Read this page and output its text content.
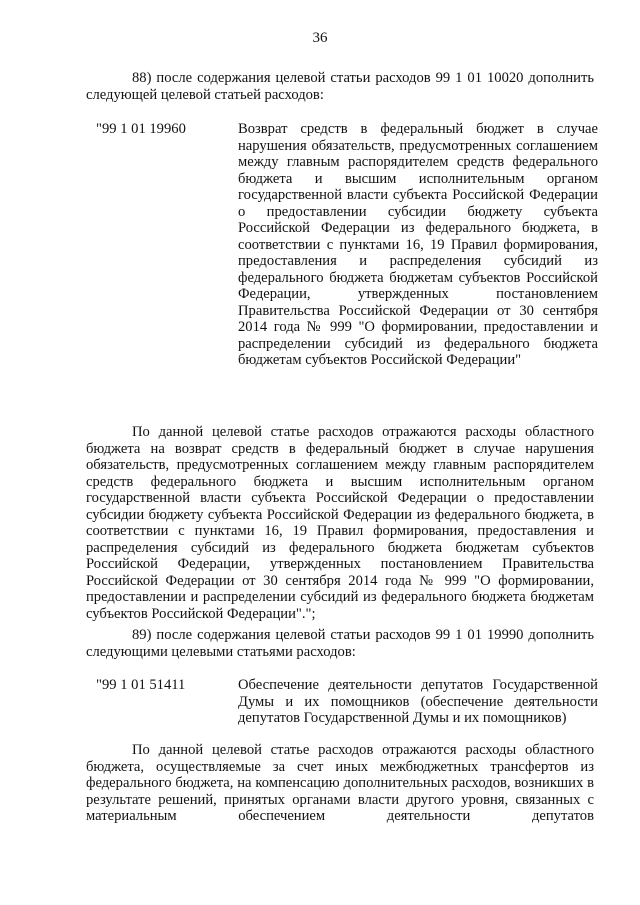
36
88) после содержания целевой статьи расходов 99 1 01 10020 дополнить следующей целевой статьей расходов:
"99 1 01 19960	Возврат средств в федеральный бюджет в случае нарушения обязательств, предусмотренных соглашением между главным распорядителем средств федерального бюджета и высшим исполнительным органом государственной власти субъекта Российской Федерации о предоставлении субсидии бюджету субъекта Российской Федерации из федерального бюджета, в соответствии с пунктами 16, 19 Правил формирования, предоставления и распределения субсидий из федерального бюджета бюджетам субъектов Российской Федерации, утвержденных постановлением Правительства Российской Федерации от 30 сентября 2014 года № 999 "О формировании, предоставлении и распределении субсидий из федерального бюджета бюджетам субъектов Российской Федерации"
По данной целевой статье расходов отражаются расходы областного бюджета на возврат средств в федеральный бюджет в случае нарушения обязательств, предусмотренных соглашением между главным распорядителем средств федерального бюджета и высшим исполнительным органом государственной власти субъекта Российской Федерации о предоставлении субсидии бюджету субъекта Российской Федерации из федерального бюджета, в соответствии с пунктами 16, 19 Правил формирования, предоставления и распределения субсидий из федерального бюджета бюджетам субъектов Российской Федерации, утвержденных постановлением Правительства Российской Федерации от 30 сентября 2014 года № 999 "О формировании, предоставлении и распределении субсидий из федерального бюджета бюджетам субъектов Российской Федерации".";
89) после содержания целевой статьи расходов 99 1 01 19990 дополнить следующими целевыми статьями расходов:
"99 1 01 51411	Обеспечение деятельности депутатов Государственной Думы и их помощников (обеспечение деятельности депутатов Государственной Думы и их помощников)
По данной целевой статье расходов отражаются расходы областного бюджета, осуществляемые за счет иных межбюджетных трансфертов из федерального бюджета, на компенсацию дополнительных расходов, возникших в результате решений, принятых органами власти другого уровня, связанных с материальным обеспечением деятельности депутатов
